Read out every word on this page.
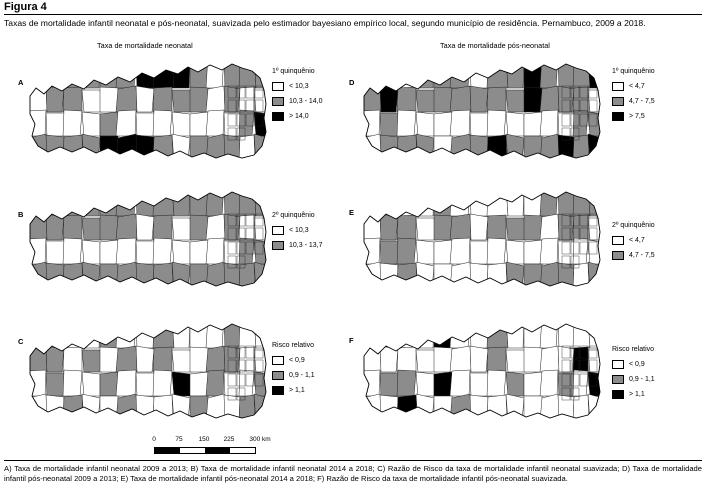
Figura 4
Taxas de mortalidade infantil neonatal e pós-neonatal, suavizada pelo estimador bayesiano empírico local, segundo município de residência. Pernambuco, 2009 a 2018.
Taxa de mortalidade neonatal	Taxa de mortalidade pós-neonatal
A
1º quinquênio
< 10,3
10,3 - 14,0
> 14,0
D
1º quinquênio
< 4,7
4,7 - 7,5
> 7,5
B	2º quinquênio
< 10,3
10,3 - 13,7
E
2º quinquênio
< 4,7
4,7 - 7,5
C	Risco relativo
< 0,9
0,9 - 1,1
> 1,1
F
Risco relativo
< 0,9
0,9 - 1,1
> 1,1
0	75 150 225 300 km
A) Taxa de mortalidade infantil neonatal 2009 a 2013; B) Taxa de mortalidade infantil neonatal 2014 a 2018; C) Razão de Risco da taxa de mortalidade infantil neonatal suavizada; D) Taxa de mortalidade infantil pós-neonatal 2009 a 2013; E) Taxa de mortalidade infantil pós-neonatal 2014 a 2018; F) Razão de Risco da taxa de mortalidade infantil pós-neonatal suavizada.
